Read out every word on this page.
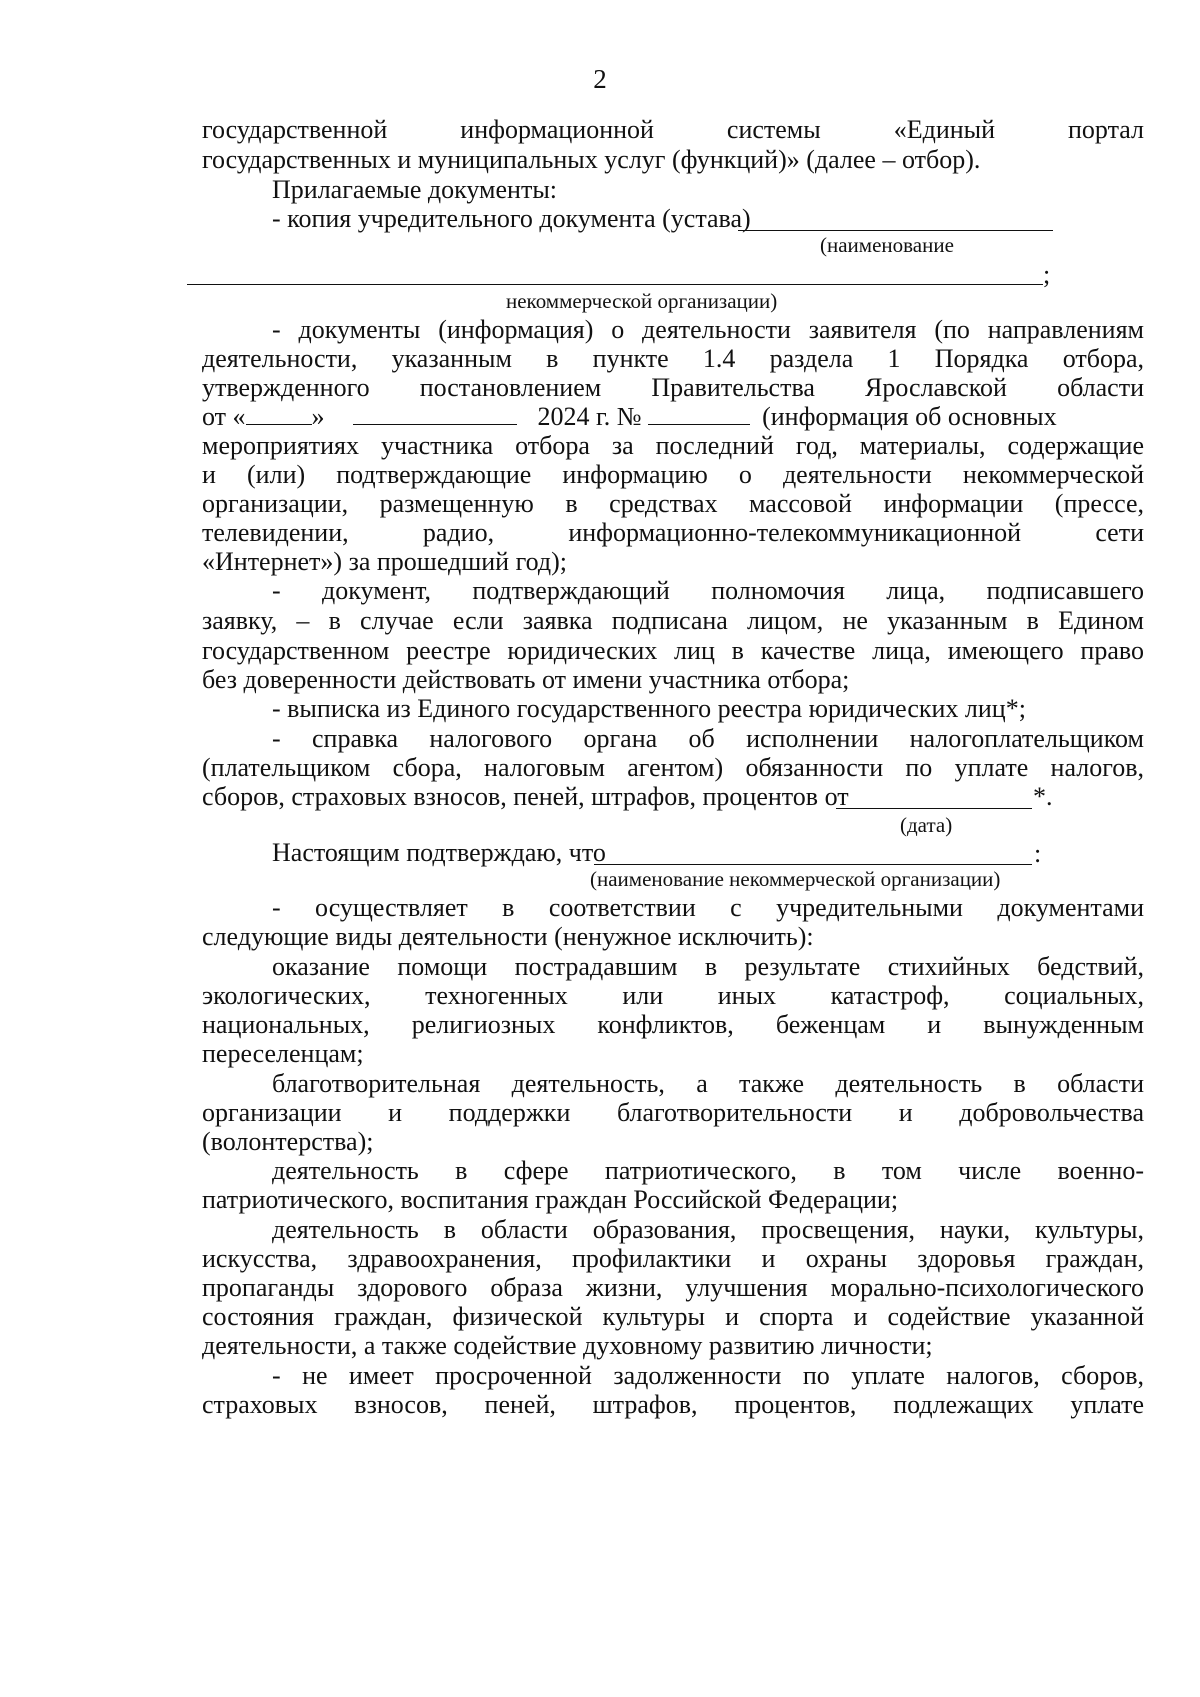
2
государственной информационной системы «Единый портал
государственных и муниципальных услуг (функций)» (далее – отбор).
Прилагаемые документы:
- копия учредительного документа (устава)
(наименование
;
некоммерческой организации)
- документы (информация) о деятельности заявителя (по направлениям
деятельности, указанным в пункте 1.4 раздела 1 Порядка отбора,
утвержденного постановлением Правительства Ярославской области
от «	»	2024 г. №	(информация об основных
мероприятиях участника отбора за последний год, материалы, содержащие
и (или) подтверждающие информацию о деятельности некоммерческой
организации, размещенную в средствах массовой информации (прессе,
телевидении, радио, информационно-телекоммуникационной сети
«Интернет») за прошедший год);
- документ, подтверждающий полномочия лица, подписавшего
заявку, – в случае если заявка подписана лицом, не указанным в Едином
государственном реестре юридических лиц в качестве лица, имеющего право
без доверенности действовать от имени участника отбора;
- выписка из Единого государственного реестра юридических лиц*;
- справка налогового органа об исполнении налогоплательщиком
(плательщиком сбора, налоговым агентом) обязанности по уплате налогов,
сборов, страховых взносов, пеней, штрафов, процентов от	*.
(дата)
Настоящим подтверждаю, что	:
(наименование некоммерческой организации)
- осуществляет в соответствии с учредительными документами
следующие виды деятельности (ненужное исключить):
оказание помощи пострадавшим в результате стихийных бедствий,
экологических, техногенных или иных катастроф, социальных,
национальных, религиозных конфликтов, беженцам и вынужденным
переселенцам;
благотворительная деятельность, а также деятельность в области
организации и поддержки благотворительности и добровольчества
(волонтерства);
деятельность в сфере патриотического, в том числе военно-
патриотического, воспитания граждан Российской Федерации;
деятельность в области образования, просвещения, науки, культуры,
искусства, здравоохранения, профилактики и охраны здоровья граждан,
пропаганды здорового образа жизни, улучшения морально-психологического
состояния граждан, физической культуры и спорта и содействие указанной
деятельности, а также содействие духовному развитию личности;
- не имеет просроченной задолженности по уплате налогов, сборов,
страховых взносов, пеней, штрафов, процентов, подлежащих уплате
